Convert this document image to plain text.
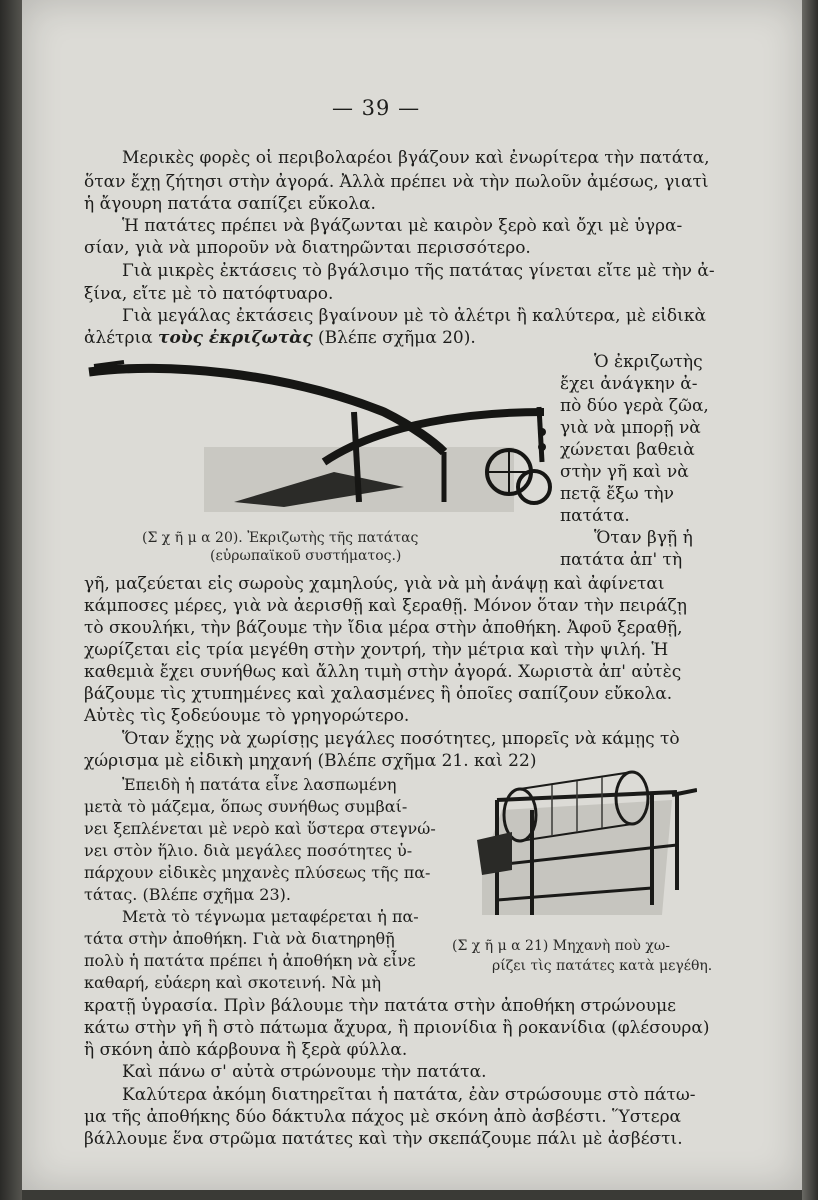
— 39 —
Μερικὲς φορὲς οἱ περιβολαρέοι βγάζουν καὶ ἐνωρίτερα τὴν πατάτα,
ὅταν ἔχῃ ζήτησι στὴν ἀγορά. Ἀλλὰ πρέπει νὰ τὴν πωλοῦν ἀμέσως, γιατὶ
ἡ ἄγουρη πατάτα σαπίζει εὔκολα.
Ἡ πατάτες πρέπει νὰ βγάζωνται μὲ καιρὸν ξερὸ καὶ ὄχι μὲ ὑγρα-
σίαν, γιὰ νὰ μποροῦν νὰ διατηρῶνται περισσότερο.
Γιὰ μικρὲς ἐκτάσεις τὸ βγάλσιμο τῆς πατάτας γίνεται εἴτε μὲ τὴν ἀ-
ξίνα, εἴτε μὲ τὸ πατόφτυαρο.
Γιὰ μεγάλας ἐκτάσεις βγαίνουν μὲ τὸ ἀλέτρι ἢ καλύτερα, μὲ εἰδικὰ
ἀλέτρια τοὺς ἐκριζωτὰς (Βλέπε σχῆμα 20).
(Σ χ ῆ μ α 20). Ἐκριζωτὴς τῆς πατάτας
(εὐρωπαϊκοῦ συστήματος.)
Ὁ ἐκριζωτὴς
ἔχει ἀνάγκην ἀ-
πὸ δύο γερὰ ζῶα,
γιὰ νὰ μπορῇ νὰ
χώνεται βαθειὰ
στὴν γῆ καὶ νὰ
πετᾷ ἔξω τὴν
πατάτα.
Ὅταν βγῇ ἡ
πατάτα ἀπ' τὴ
γῆ, μαζεύεται εἰς σωροὺς χαμηλούς, γιὰ νὰ μὴ ἀνάψῃ καὶ ἀφίνεται
κάμποσες μέρες, γιὰ νὰ ἀερισθῇ καὶ ξεραθῇ. Μόνον ὅταν τὴν πειράζῃ
τὸ σκουλήκι, τὴν βάζουμε τὴν ἴδια μέρα στὴν ἀποθήκη. Ἀφοῦ ξεραθῇ,
χωρίζεται εἰς τρία μεγέθη στὴν χοντρή, τὴν μέτρια καὶ τὴν ψιλή. Ἡ
καθεμιὰ ἔχει συνήθως καὶ ἄλλη τιμὴ στὴν ἀγορά. Χωριστὰ ἀπ' αὐτὲς
βάζουμε τὶς χτυπημένες καὶ χαλασμένες ἢ ὁποῖες σαπίζουν εὔκολα.
Αὐτὲς τὶς ξοδεύουμε τὸ γρηγορώτερο.
Ὅταν ἔχῃς νὰ χωρίσῃς μεγάλες ποσότητες, μπορεῖς νὰ κάμῃς τὸ
χώρισμα μὲ εἰδικὴ μηχανή (Βλέπε σχῆμα 21. καὶ 22)
Ἐπειδὴ ἡ πατάτα εἶνε λασπωμένη
μετὰ τὸ μάζεμα, ὅπως συνήθως συμβαί-
νει ξεπλένεται μὲ νερὸ καὶ ὕστερα στεγνώ-
νει στὸν ἥλιο. διὰ μεγάλες ποσότητες ὑ-
πάρχουν εἰδικὲς μηχανὲς πλύσεως τῆς πα-
τάτας. (Βλέπε σχῆμα 23).
Μετὰ τὸ τέγνωμα μεταφέρεται ἡ πα-
τάτα στὴν ἀποθήκη. Γιὰ νὰ διατηρηθῇ
πολὺ ἡ πατάτα πρέπει ἡ ἀποθήκη νὰ εἶνε
καθαρή, εὐάερη καὶ σκοτεινή. Νὰ μὴ
(Σ χ ῆ μ α 21) Μηχανὴ ποὺ χω-
ρίζει τὶς πατάτες κατὰ μεγέθη.
κρατῇ ὑγρασία. Πρὶν βάλουμε τὴν πατάτα στὴν ἀποθήκη στρώνουμε
κάτω στὴν γῆ ἢ στὸ πάτωμα ἄχυρα, ἢ πριονίδια ἢ ροκανίδια (φλέσουρα)
ἢ σκόνη ἀπὸ κάρβουνα ἢ ξερὰ φύλλα.
Καὶ πάνω σ' αὐτὰ στρώνουμε τὴν πατάτα.
Καλύτερα ἀκόμη διατηρεῖται ἡ πατάτα, ἐὰν στρώσουμε στὸ πάτω-
μα τῆς ἀποθήκης δύο δάκτυλα πάχος μὲ σκόνη ἀπὸ ἀσβέστι. Ὕστερα
βάλλουμε ἕνα στρῶμα πατάτες καὶ τὴν σκεπάζουμε πάλι μὲ ἀσβέστι.
